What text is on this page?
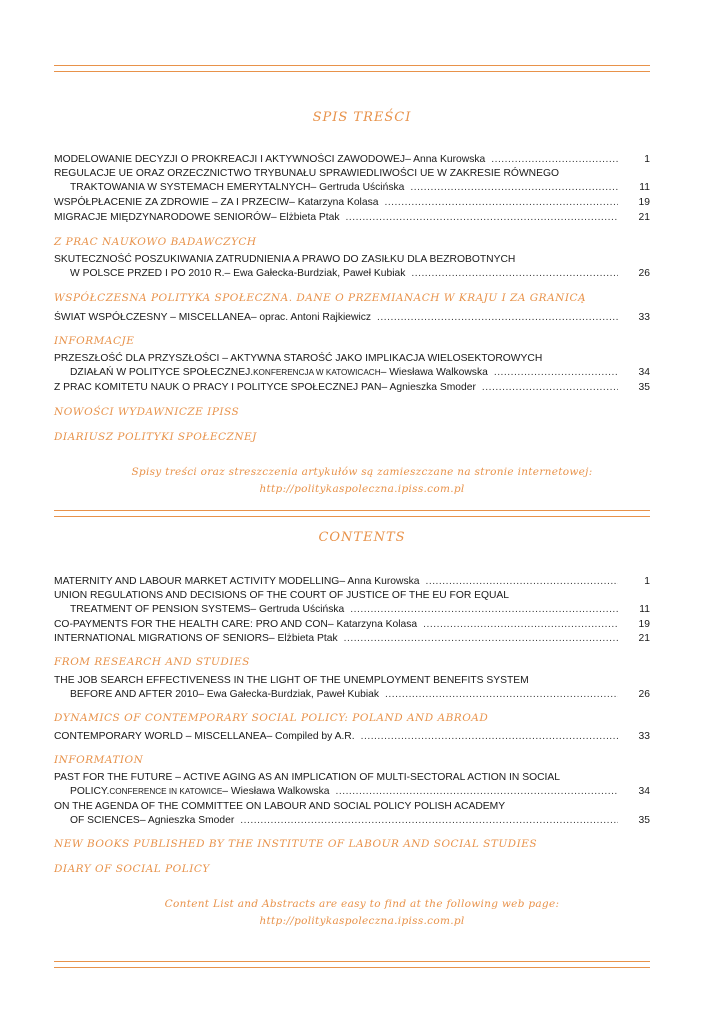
SPIS TREŚCI
MODELOWANIE DECYZJI O PROKREACJI I AKTYWNOŚCI ZAWODOWEJ – Anna Kurowska .....	1
REGULACJE UE ORAZ ORZECZNICTWO TRYBUNAŁU SPRAWIEDLIWOŚCI UE W ZAKRESIE RÓWNEGO
TRAKTOWANIA W SYSTEMACH EMERYTALNYCH – Gertruda Uścińska .....	11
WSPÓŁPŁACENIE ZA ZDROWIE – ZA I PRZECIW – Katarzyna Kolasa .....	19
MIGRACJE MIĘDZYNARODOWE SENIORÓW – Elżbieta Ptak .....	21
Z PRAC NAUKOWO BADAWCZYCH
SKUTECZNOŚĆ POSZUKIWANIA ZATRUDNIENIA A PRAWO DO ZASIŁKU DLA BEZROBOTNYCH
W POLSCE PRZED I PO 2010 R. – Ewa Gałecka-Burdziak, Paweł Kubiak .....	26
WSPÓŁCZESNA POLITYKA SPOŁECZNA. DANE O PRZEMIANACH W KRAJU I ZA GRANICĄ
ŚWIAT WSPÓŁCZESNY – MISCELLANEA – oprac. Antoni Rajkiewicz .....	33
INFORMACJE
PRZESZŁOŚĆ DLA PRZYSZŁOŚCI – AKTYWNA STAROŚĆ JAKO IMPLIKACJA WIELOSEKTOROWYCH
DZIAŁAŃ W POLITYCE SPOŁECZNEJ. KONFERENCJA W KATOWICACH – Wiesława Walkowska .....	34
Z PRAC KOMITETU NAUK O PRACY I POLITYCE SPOŁECZNEJ PAN – Agnieszka Smoder .....	35
NOWOŚCI WYDAWNICZE IPISS
DIARIUSZ POLITYKI SPOŁECZNEJ
Spisy treści oraz streszczenia artykułów są zamieszczane na stronie internetowej:
http://politykaspoleczna.ipiss.com.pl
CONTENTS
MATERNITY AND LABOUR MARKET ACTIVITY MODELLING – Anna Kurowska .....	1
UNION REGULATIONS AND DECISIONS OF THE COURT OF JUSTICE OF THE EU FOR EQUAL
TREATMENT OF PENSION SYSTEMS – Gertruda Uścińska .....	11
CO-PAYMENTS FOR THE HEALTH CARE: PRO AND CON – Katarzyna Kolasa .....	19
INTERNATIONAL MIGRATIONS OF SENIORS – Elżbieta Ptak .....	21
FROM RESEARCH AND STUDIES
THE JOB SEARCH EFFECTIVENESS IN THE LIGHT OF THE UNEMPLOYMENT BENEFITS SYSTEM
BEFORE AND AFTER 2010 – Ewa Gałecka-Burdziak, Paweł Kubiak .....	26
DYNAMICS OF CONTEMPORARY SOCIAL POLICY: POLAND AND ABROAD
CONTEMPORARY WORLD – MISCELLANEA – Compiled by A.R. .....	33
INFORMATION
PAST FOR THE FUTURE – ACTIVE AGING AS AN IMPLICATION OF MULTI-SECTORAL ACTION IN SOCIAL
POLICY. CONFERENCE IN KATOWICE – Wiesława Walkowska .....	34
ON THE AGENDA OF THE COMMITTEE ON LABOUR AND SOCIAL POLICY POLISH ACADEMY
OF SCIENCES – Agnieszka Smoder .....	35
NEW BOOKS PUBLISHED BY THE INSTITUTE OF LABOUR AND SOCIAL STUDIES
DIARY OF SOCIAL POLICY
Content List and Abstracts are easy to find at the following web page:
http://politykaspoleczna.ipiss.com.pl
